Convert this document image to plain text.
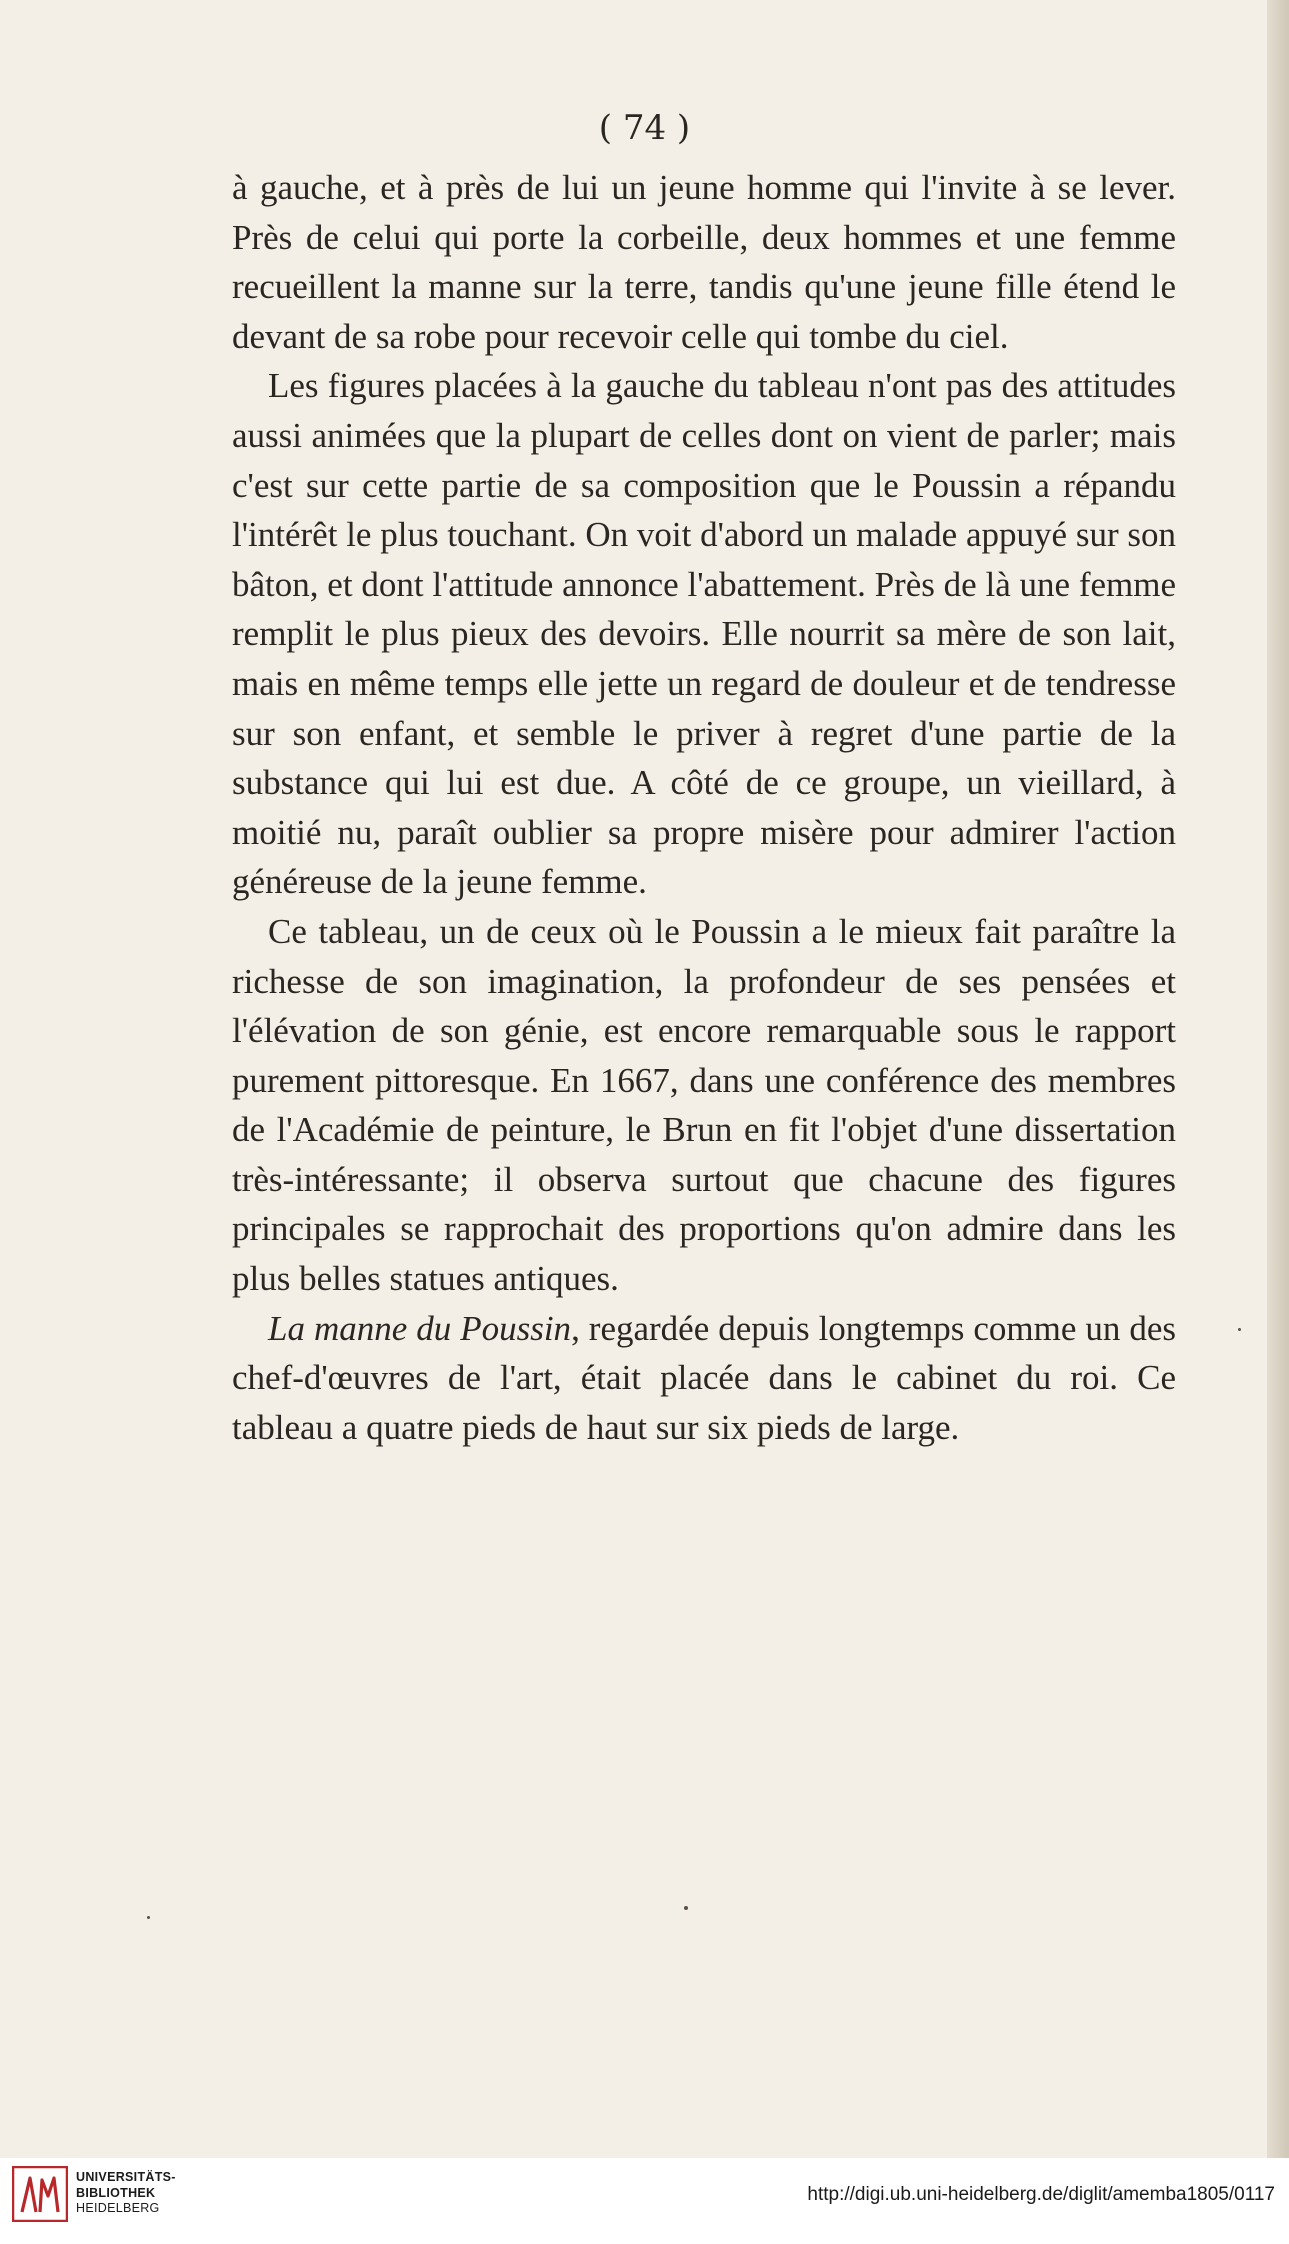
( 74 )

à gauche, et à près de lui un jeune homme qui l'invite à se lever. Près de celui qui porte la corbeille, deux hommes et une femme recueillent la manne sur la terre, tandis qu'une jeune fille étend le devant de sa robe pour recevoir celle qui tombe du ciel.

Les figures placées à la gauche du tableau n'ont pas des attitudes aussi animées que la plupart de celles dont on vient de parler; mais c'est sur cette partie de sa composition que le Poussin a répandu l'intérêt le plus touchant. On voit d'abord un malade appuyé sur son bâton, et dont l'attitude annonce l'abattement. Près de là une femme remplit le plus pieux des devoirs. Elle nourrit sa mère de son lait, mais en même temps elle jette un regard de douleur et de tendresse sur son enfant, et semble le priver à regret d'une partie de la substance qui lui est due. A côté de ce groupe, un vieillard, à moitié nu, paraît oublier sa propre misère pour admirer l'action généreuse de la jeune femme.

Ce tableau, un de ceux où le Poussin a le mieux fait paraître la richesse de son imagination, la profondeur de ses pensées et l'élévation de son génie, est encore remarquable sous le rapport purement pittoresque. En 1667, dans une conférence des membres de l'Académie de peinture, le Brun en fit l'objet d'une dissertation très-intéressante; il observa surtout que chacune des figures principales se rapprochait des proportions qu'on admire dans les plus belles statues antiques.

La manne du Poussin, regardée depuis longtemps comme un des chef-d'œuvres de l'art, était placée dans le cabinet du roi. Ce tableau a quatre pieds de haut sur six pieds de large.

UNIVERSITÄTS-
BIBLIOTHEK
HEIDELBERG
http://digi.ub.uni-heidelberg.de/diglit/amemba1805/0117
